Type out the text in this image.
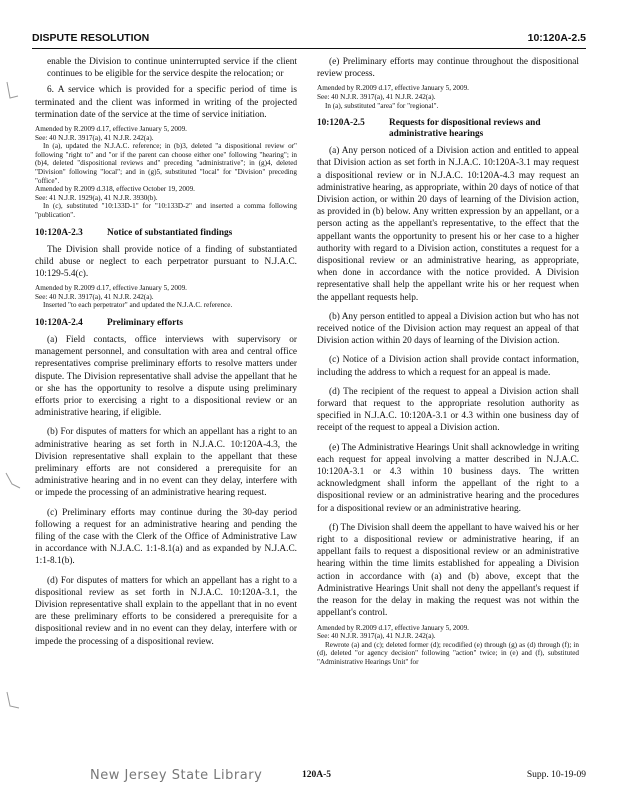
DISPUTE RESOLUTION	10:120A-2.5

enable the Division to continue uninterrupted service if the client continues to be eligible for the service despite the relocation; or

6. A service which is provided for a specific period of time is terminated and the client was informed in writing of the projected termination date of the service at the time of service initiation.

Amended by R.2009 d.17, effective January 5, 2009.

See: 40 N.J.R. 3917(a), 41 N.J.R. 242(a).

In (a), updated the N.J.A.C. reference; in (b)3, deleted "a dispositional review or" following "right to" and "or if the parent can choose either one" following "hearing"; in (b)4, deleted "dispositional reviews and" preceding "administrative"; in (g)4, deleted "Division" following "local"; and in (g)5, substituted "local" for "Division" preceding "office".

Amended by R.2009 d.318, effective October 19, 2009.

See: 41 N.J.R. 1929(a), 41 N.J.R. 3930(b).

In (c), substituted "10:133D-1" for "10:133D-2" and inserted a comma following "publication".

10:120A-2.3	Notice of substantiated findings

The Division shall provide notice of a finding of substantiated child abuse or neglect to each perpetrator pursuant to N.J.A.C. 10:129-5.4(c).

Amended by R.2009 d.17, effective January 5, 2009.

See: 40 N.J.R. 3917(a), 41 N.J.R. 242(a).

Inserted "to each perpetrator" and updated the N.J.A.C. reference.

10:120A-2.4	Preliminary efforts

(a) Field contacts, office interviews with supervisory or management personnel, and consultation with area and central office representatives comprise preliminary efforts to resolve matters under dispute. The Division representative shall advise the appellant that he or she has the opportunity to resolve a dispute using preliminary efforts prior to exercising a right to a dispositional review or an administrative hearing, if eligible.

(b) For disputes of matters for which an appellant has a right to an administrative hearing as set forth in N.J.A.C. 10:120A-4.3, the Division representative shall explain to the appellant that these preliminary efforts are not considered a prerequisite for an administrative hearing and in no event can they delay, interfere with or impede the processing of an administrative hearing request.

(c) Preliminary efforts may continue during the 30-day period following a request for an administrative hearing and pending the filing of the case with the Clerk of the Office of Administrative Law in accordance with N.J.A.C. 1:1-8.1(a) and as expanded by N.J.A.C. 1:1-8.1(b).

(d) For disputes of matters for which an appellant has a right to a dispositional review as set forth in N.J.A.C. 10:120A-3.1, the Division representative shall explain to the appellant that in no event are these preliminary efforts to be considered a prerequisite for a dispositional review and in no event can they delay, interfere with or impede the processing of a dispositional review.

(e) Preliminary efforts may continue throughout the dispositional review process.

Amended by R.2009 d.17, effective January 5, 2009.

See: 40 N.J.R. 3917(a), 41 N.J.R. 242(a).

In (a), substituted "area" for "regional".

10:120A-2.5	Requests for dispositional reviews and administrative hearings

(a) Any person noticed of a Division action and entitled to appeal that Division action as set forth in N.J.A.C. 10:120A-3.1 may request a dispositional review or in N.J.A.C. 10:120A-4.3 may request an administrative hearing, as appropriate, within 20 days of notice of that Division action, or within 20 days of learning of the Division action, as provided in (b) below. Any written expression by an appellant, or a person acting as the appellant's representative, to the effect that the appellant wants the opportunity to present his or her case to a higher authority with regard to a Division action, constitutes a request for a dispositional review or an administrative hearing, as appropriate, when done in accordance with the notice provided. A Division representative shall help the appellant write his or her request when the appellant requests help.

(b) Any person entitled to appeal a Division action but who has not received notice of the Division action may request an appeal of that Division action within 20 days of learning of the Division action.

(c) Notice of a Division action shall provide contact information, including the address to which a request for an appeal is made.

(d) The recipient of the request to appeal a Division action shall forward that request to the appropriate resolution authority as specified in N.J.A.C. 10:120A-3.1 or 4.3 within one business day of receipt of the request to appeal a Division action.

(e) The Administrative Hearings Unit shall acknowledge in writing each request for appeal involving a matter described in N.J.A.C. 10:120A-3.1 or 4.3 within 10 business days. The written acknowledgment shall inform the appellant of the right to a dispositional review or an administrative hearing and the procedures for a dispositional review or an administrative hearing.

(f) The Division shall deem the appellant to have waived his or her right to a dispositional review or administrative hearing, if an appellant fails to request a dispositional review or an administrative hearing within the time limits established for appealing a Division action in accordance with (a) and (b) above, except that the Administrative Hearings Unit shall not deny the appellant's request if the reason for the delay in making the request was not within the appellant's control.

Amended by R.2009 d.17, effective January 5, 2009.

See: 40 N.J.R. 3917(a), 41 N.J.R. 242(a).

Rewrote (a) and (c); deleted former (d); recodified (e) through (g) as (d) through (f); in (d), deleted "or agency decision" following "action" twice; in (e) and (f), substituted "Administrative Hearings Unit" for

New Jersey State Library	120A-5	Supp. 10-19-09
